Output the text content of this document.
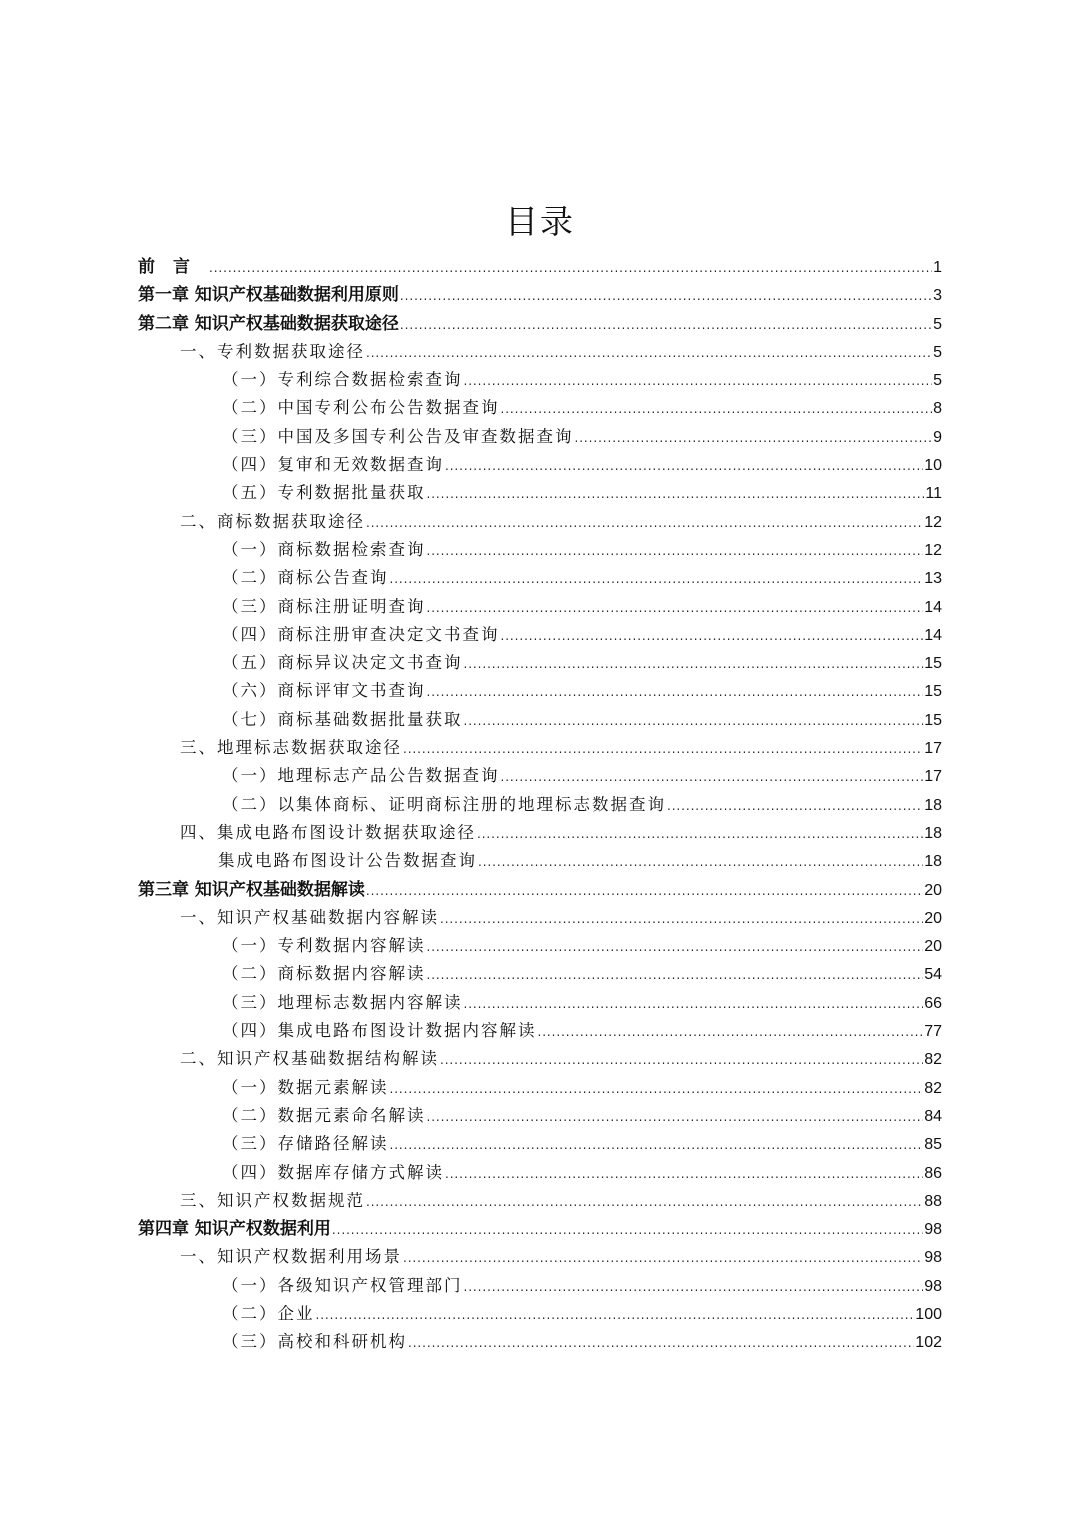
目录
前言 .....	1
第一章 知识产权基础数据利用原则 .....	3
第二章 知识产权基础数据获取途径 .....	5
一、专利数据获取途径 .....	5
（一）专利综合数据检索查询 .....	5
（二）中国专利公布公告数据查询 .....	8
（三）中国及多国专利公告及审查数据查询 .....	9
（四）复审和无效数据查询 .....	10
（五）专利数据批量获取 .....	11
二、商标数据获取途径 .....	12
（一）商标数据检索查询 .....	12
（二）商标公告查询 .....	13
（三）商标注册证明查询 .....	14
（四）商标注册审查决定文书查询 .....	14
（五）商标异议决定文书查询 .....	15
（六）商标评审文书查询 .....	15
（七）商标基础数据批量获取 .....	15
三、地理标志数据获取途径 .....	17
（一）地理标志产品公告数据查询 .....	17
（二）以集体商标、证明商标注册的地理标志数据查询 .....	18
四、集成电路布图设计数据获取途径 .....	18
集成电路布图设计公告数据查询 .....	18
第三章 知识产权基础数据解读 .....	20
一、知识产权基础数据内容解读 .....	20
（一）专利数据内容解读 .....	20
（二）商标数据内容解读 .....	54
（三）地理标志数据内容解读 .....	66
（四）集成电路布图设计数据内容解读 .....	77
二、知识产权基础数据结构解读 .....	82
（一）数据元素解读 .....	82
（二）数据元素命名解读 .....	84
（三）存储路径解读 .....	85
（四）数据库存储方式解读 .....	86
三、知识产权数据规范 .....	88
第四章 知识产权数据利用 .....	98
一、知识产权数据利用场景 .....	98
（一）各级知识产权管理部门 .....	98
（二）企业 .....	100
（三）高校和科研机构 .....	102
